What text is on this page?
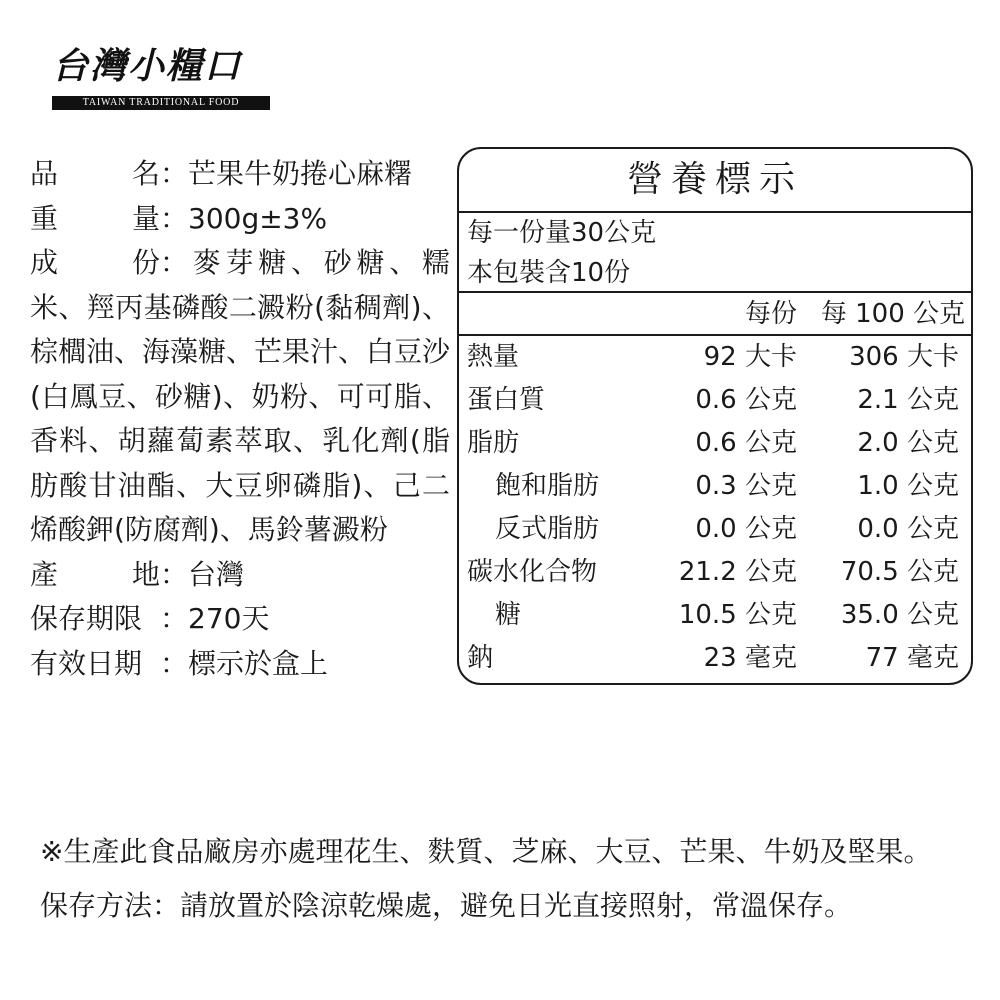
台灣小糧口
TAIWAN TRADITIONAL FOOD
品	名 ： 芒果牛奶捲心麻糬
重	量 ： 300g±3%
成	份 ：麥芽糖、砂糖、糯米、羥丙基磷酸二澱粉(黏稠劑)、棕櫚油、海藻糖、芒果汁、白豆沙(白鳳豆、砂糖)、奶粉、可可脂、香料、胡蘿蔔素萃取、乳化劑(脂肪酸甘油酯、大豆卵磷脂)、己二烯酸鉀(防腐劑)、馬鈴薯澱粉
產	地 ： 台灣
保存期限 ： 270天
有效日期 ： 標示於盒上
營養標示
每一份量30公克
本包裝含10份
每份 每 100 公克
熱量	92 大卡 306 大卡
蛋白質	0.6 公克 2.1 公克
脂肪	0.6 公克 2.0 公克
飽和脂肪	0.3 公克 1.0 公克
反式脂肪	0.0 公克 0.0 公克
碳水化合物	21.2 公克 70.5 公克
糖	10.5 公克 35.0 公克
鈉	23 毫克	77 毫克
※生產此食品廠房亦處理花生、麩質、芝麻、大豆、芒果、牛奶及堅果。
保存方法：請放置於陰涼乾燥處，避免日光直接照射，常溫保存。
